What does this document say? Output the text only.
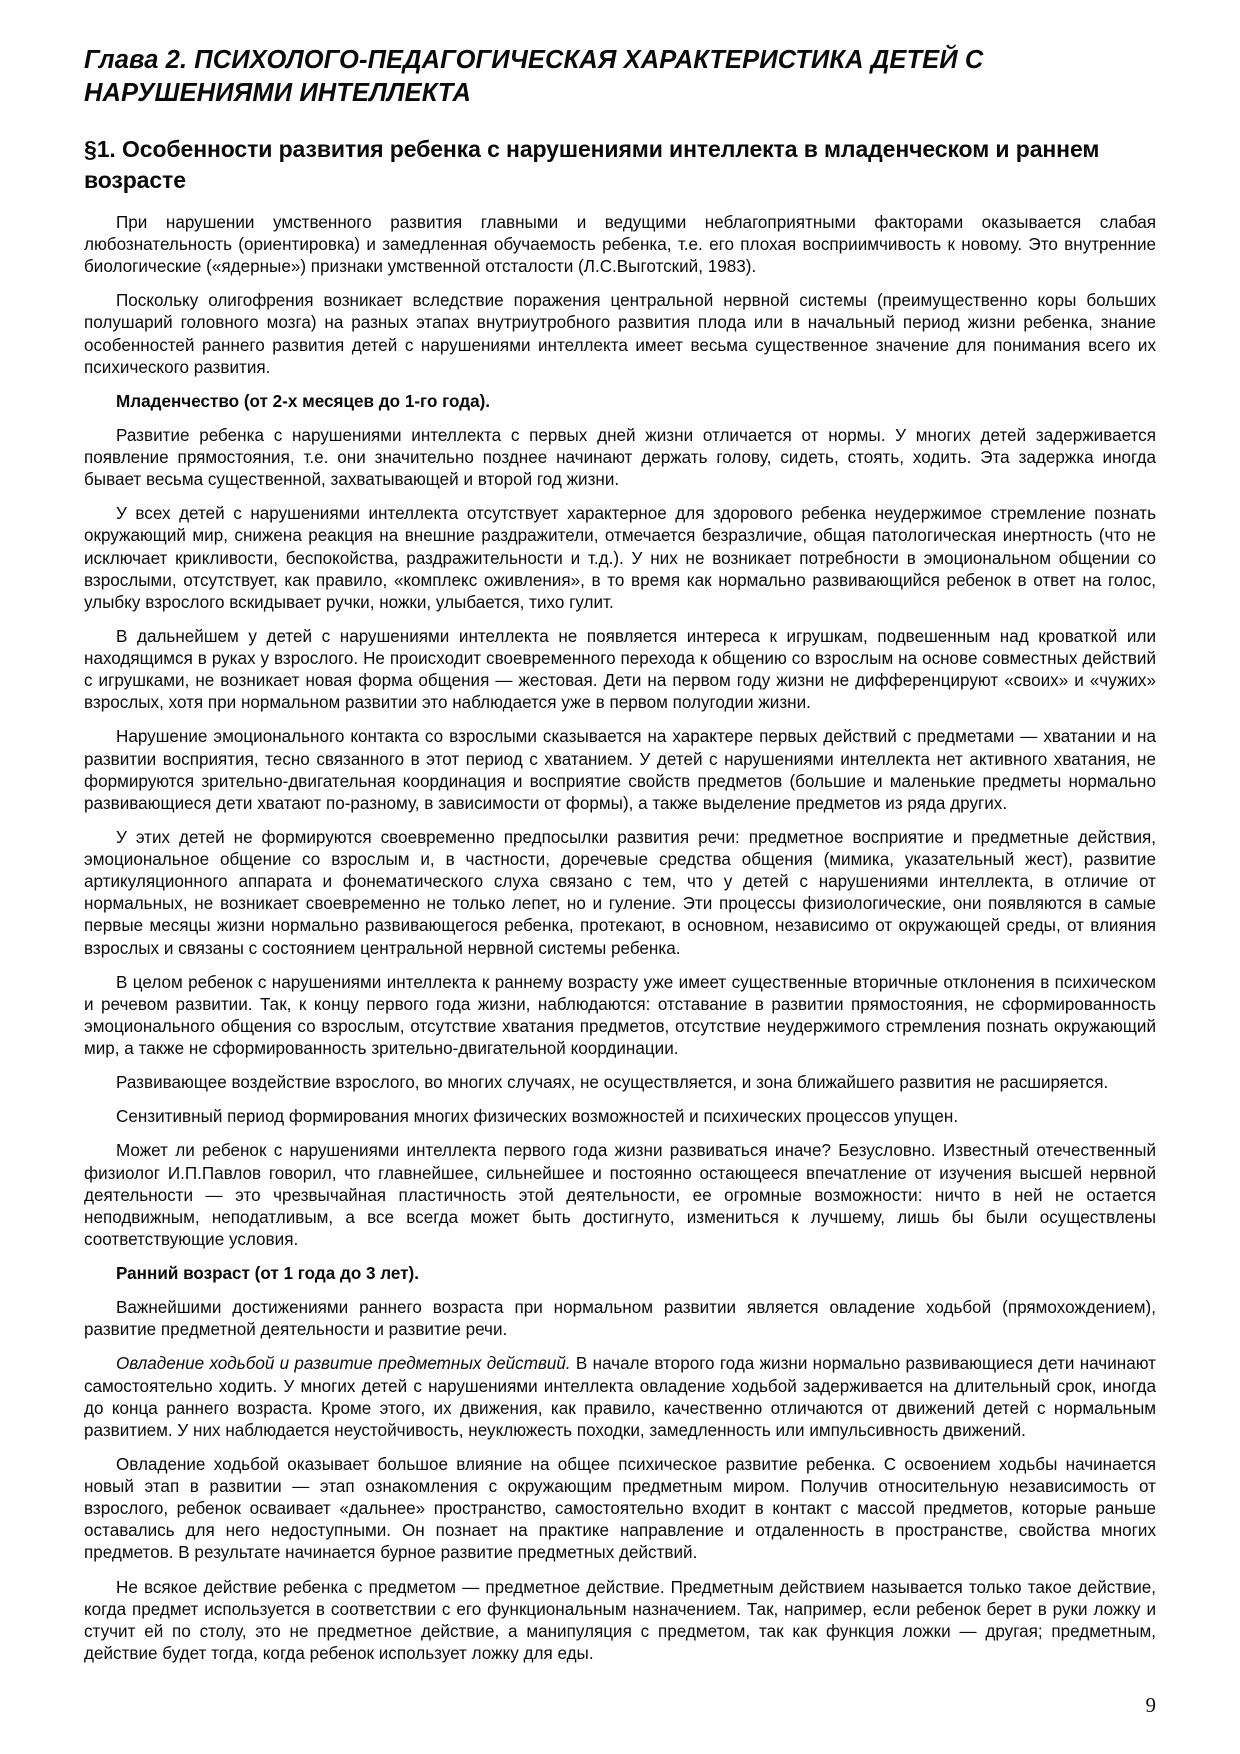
Глава 2. ПСИХОЛОГО-ПЕДАГОГИЧЕСКАЯ ХАРАКТЕРИСТИКА ДЕТЕЙ С НАРУШЕНИЯМИ ИНТЕЛЛЕКТА
§1. Особенности развития ребенка с нарушениями интеллекта в младенческом и раннем возрасте

При нарушении умственного развития главными и ведущими неблагоприятными факторами оказывается слабая любознательность (ориентировка) и замедленная обучаемость ребенка, т.е. его плохая восприимчивость к новому. Это внутренние биологические («ядерные») признаки умственной отсталости (Л.С.Выготский, 1983).

Поскольку олигофрения возникает вследствие поражения центральной нервной системы (преимущественно коры больших полушарий головного мозга) на разных этапах внутриутробного развития плода или в начальный период жизни ребенка, знание особенностей раннего развития детей с нарушениями интеллекта имеет весьма существенное значение для понимания всего их психического развития.

Младенчество (от 2-х месяцев до 1-го года).

Развитие ребенка с нарушениями интеллекта с первых дней жизни отличается от нормы. У многих детей задерживается появление прямостояния, т.е. они значительно позднее начинают держать голову, сидеть, стоять, ходить. Эта задержка иногда бывает весьма существенной, захватывающей и второй год жизни.

У всех детей с нарушениями интеллекта отсутствует характерное для здорового ребенка неудержимое стремление познать окружающий мир, снижена реакция на внешние раздражители, отмечается безразличие, общая патологическая инертность (что не исключает крикливости, беспокойства, раздражительности и т.д.). У них не возникает потребности в эмоциональном общении со взрослыми, отсутствует, как правило, «комплекс оживления», в то время как нормально развивающийся ребенок в ответ на голос, улыбку взрослого вскидывает ручки, ножки, улыбается, тихо гулит.

В дальнейшем у детей с нарушениями интеллекта не появляется интереса к игрушкам, подвешенным над кроваткой или находящимся в руках у взрослого. Не происходит своевременного перехода к общению со взрослым на основе совместных действий с игрушками, не возникает новая форма общения — жестовая. Дети на первом году жизни не дифференцируют «своих» и «чужих» взрослых, хотя при нормальном развитии это наблюдается уже в первом полугодии жизни.

Нарушение эмоционального контакта со взрослыми сказывается на характере первых действий с предметами — хватании и на развитии восприятия, тесно связанного в этот период с хватанием. У детей с нарушениями интеллекта нет активного хватания, не формируются зрительно-двигательная координация и восприятие свойств предметов (большие и маленькие предметы нормально развивающиеся дети хватают по-разному, в зависимости от формы), а также выделение предметов из ряда других.

У этих детей не формируются своевременно предпосылки развития речи: предметное восприятие и предметные действия, эмоциональное общение со взрослым и, в частности, доречевые средства общения (мимика, указательный жест), развитие артикуляционного аппарата и фонематического слуха связано с тем, что у детей с нарушениями интеллекта, в отличие от нормальных, не возникает своевременно не только лепет, но и гуление. Эти процессы физиологические, они появляются в самые первые месяцы жизни нормально развивающегося ребенка, протекают, в основном, независимо от окружающей среды, от влияния взрослых и связаны с состоянием центральной нервной системы ребенка.

В целом ребенок с нарушениями интеллекта к раннему возрасту уже имеет существенные вторичные отклонения в психическом и речевом развитии. Так, к концу первого года жизни, наблюдаются: отставание в развитии прямостояния, не сформированность эмоционального общения со взрослым, отсутствие хватания предметов, отсутствие неудержимого стремления познать окружающий мир, а также не сформированность зрительно-двигательной координации.

Развивающее воздействие взрослого, во многих случаях, не осуществляется, и зона ближайшего развития не расширяется.

Сензитивный период формирования многих физических возможностей и психических процессов упущен.

Может ли ребенок с нарушениями интеллекта первого года жизни развиваться иначе? Безусловно. Известный отечественный физиолог И.П.Павлов говорил, что главнейшее, сильнейшее и постоянно остающееся впечатление от изучения высшей нервной деятельности — это чрезвычайная пластичность этой деятельности, ее огромные возможности: ничто в ней не остается неподвижным, неподатливым, а все всегда может быть достигнуто, измениться к лучшему, лишь бы были осуществлены соответствующие условия.

Ранний возраст (от 1 года до 3 лет).

Важнейшими достижениями раннего возраста при нормальном развитии является овладение ходьбой (прямохождением), развитие предметной деятельности и развитие речи.

Овладение ходьбой и развитие предметных действий. В начале второго года жизни нормально развивающиеся дети начинают самостоятельно ходить. У многих детей с нарушениями интеллекта овладение ходьбой задерживается на длительный срок, иногда до конца раннего возраста. Кроме этого, их движения, как правило, качественно отличаются от движений детей с нормальным развитием. У них наблюдается неустойчивость, неуклюжесть походки, замедленность или импульсивность движений.

Овладение ходьбой оказывает большое влияние на общее психическое развитие ребенка. С освоением ходьбы начинается новый этап в развитии — этап ознакомления с окружающим предметным миром. Получив относительную независимость от взрослого, ребенок осваивает «дальнее» пространство, самостоятельно входит в контакт с массой предметов, которые раньше оставались для него недоступными. Он познает на практике направление и отдаленность в пространстве, свойства многих предметов. В результате начинается бурное развитие предметных действий.

Не всякое действие ребенка с предметом — предметное действие. Предметным действием называется только такое действие, когда предмет используется в соответствии с его функциональным назначением. Так, например, если ребенок берет в руки ложку и стучит ей по столу, это не предметное действие, а манипуляция с предметом, так как функция ложки — другая; предметным, действие будет тогда, когда ребенок использует ложку для еды.

9
